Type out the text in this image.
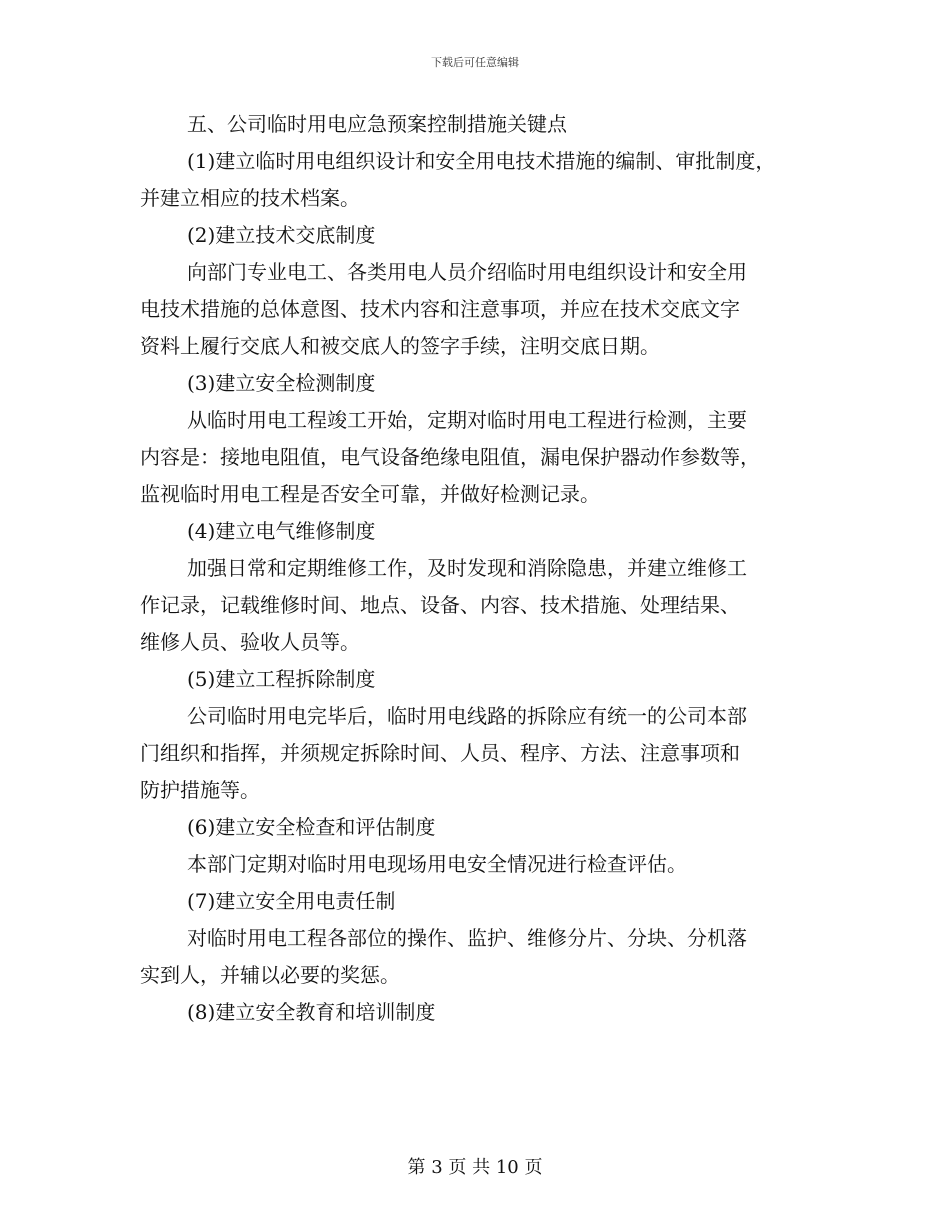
下载后可任意编辑
五、公司临时用电应急预案控制措施关键点
(1)建立临时用电组织设计和安全用电技术措施的编制、审批制度，
并建立相应的技术档案。
(2)建立技术交底制度
向部门专业电工、各类用电人员介绍临时用电组织设计和安全用
电技术措施的总体意图、技术内容和注意事项，并应在技术交底文字
资料上履行交底人和被交底人的签字手续，注明交底日期。
(3)建立安全检测制度
从临时用电工程竣工开始，定期对临时用电工程进行检测，主要
内容是：接地电阻值，电气设备绝缘电阻值，漏电保护器动作参数等，
监视临时用电工程是否安全可靠，并做好检测记录。
(4)建立电气维修制度
加强日常和定期维修工作，及时发现和消除隐患，并建立维修工
作记录，记载维修时间、地点、设备、内容、技术措施、处理结果、
维修人员、验收人员等。
(5)建立工程拆除制度
公司临时用电完毕后，临时用电线路的拆除应有统一的公司本部
门组织和指挥，并须规定拆除时间、人员、程序、方法、注意事项和
防护措施等。
(6)建立安全检查和评估制度
本部门定期对临时用电现场用电安全情况进行检查评估。
(7)建立安全用电责任制
对临时用电工程各部位的操作、监护、维修分片、分块、分机落
实到人，并辅以必要的奖惩。
(8)建立安全教育和培训制度
第 3 页 共 10 页
